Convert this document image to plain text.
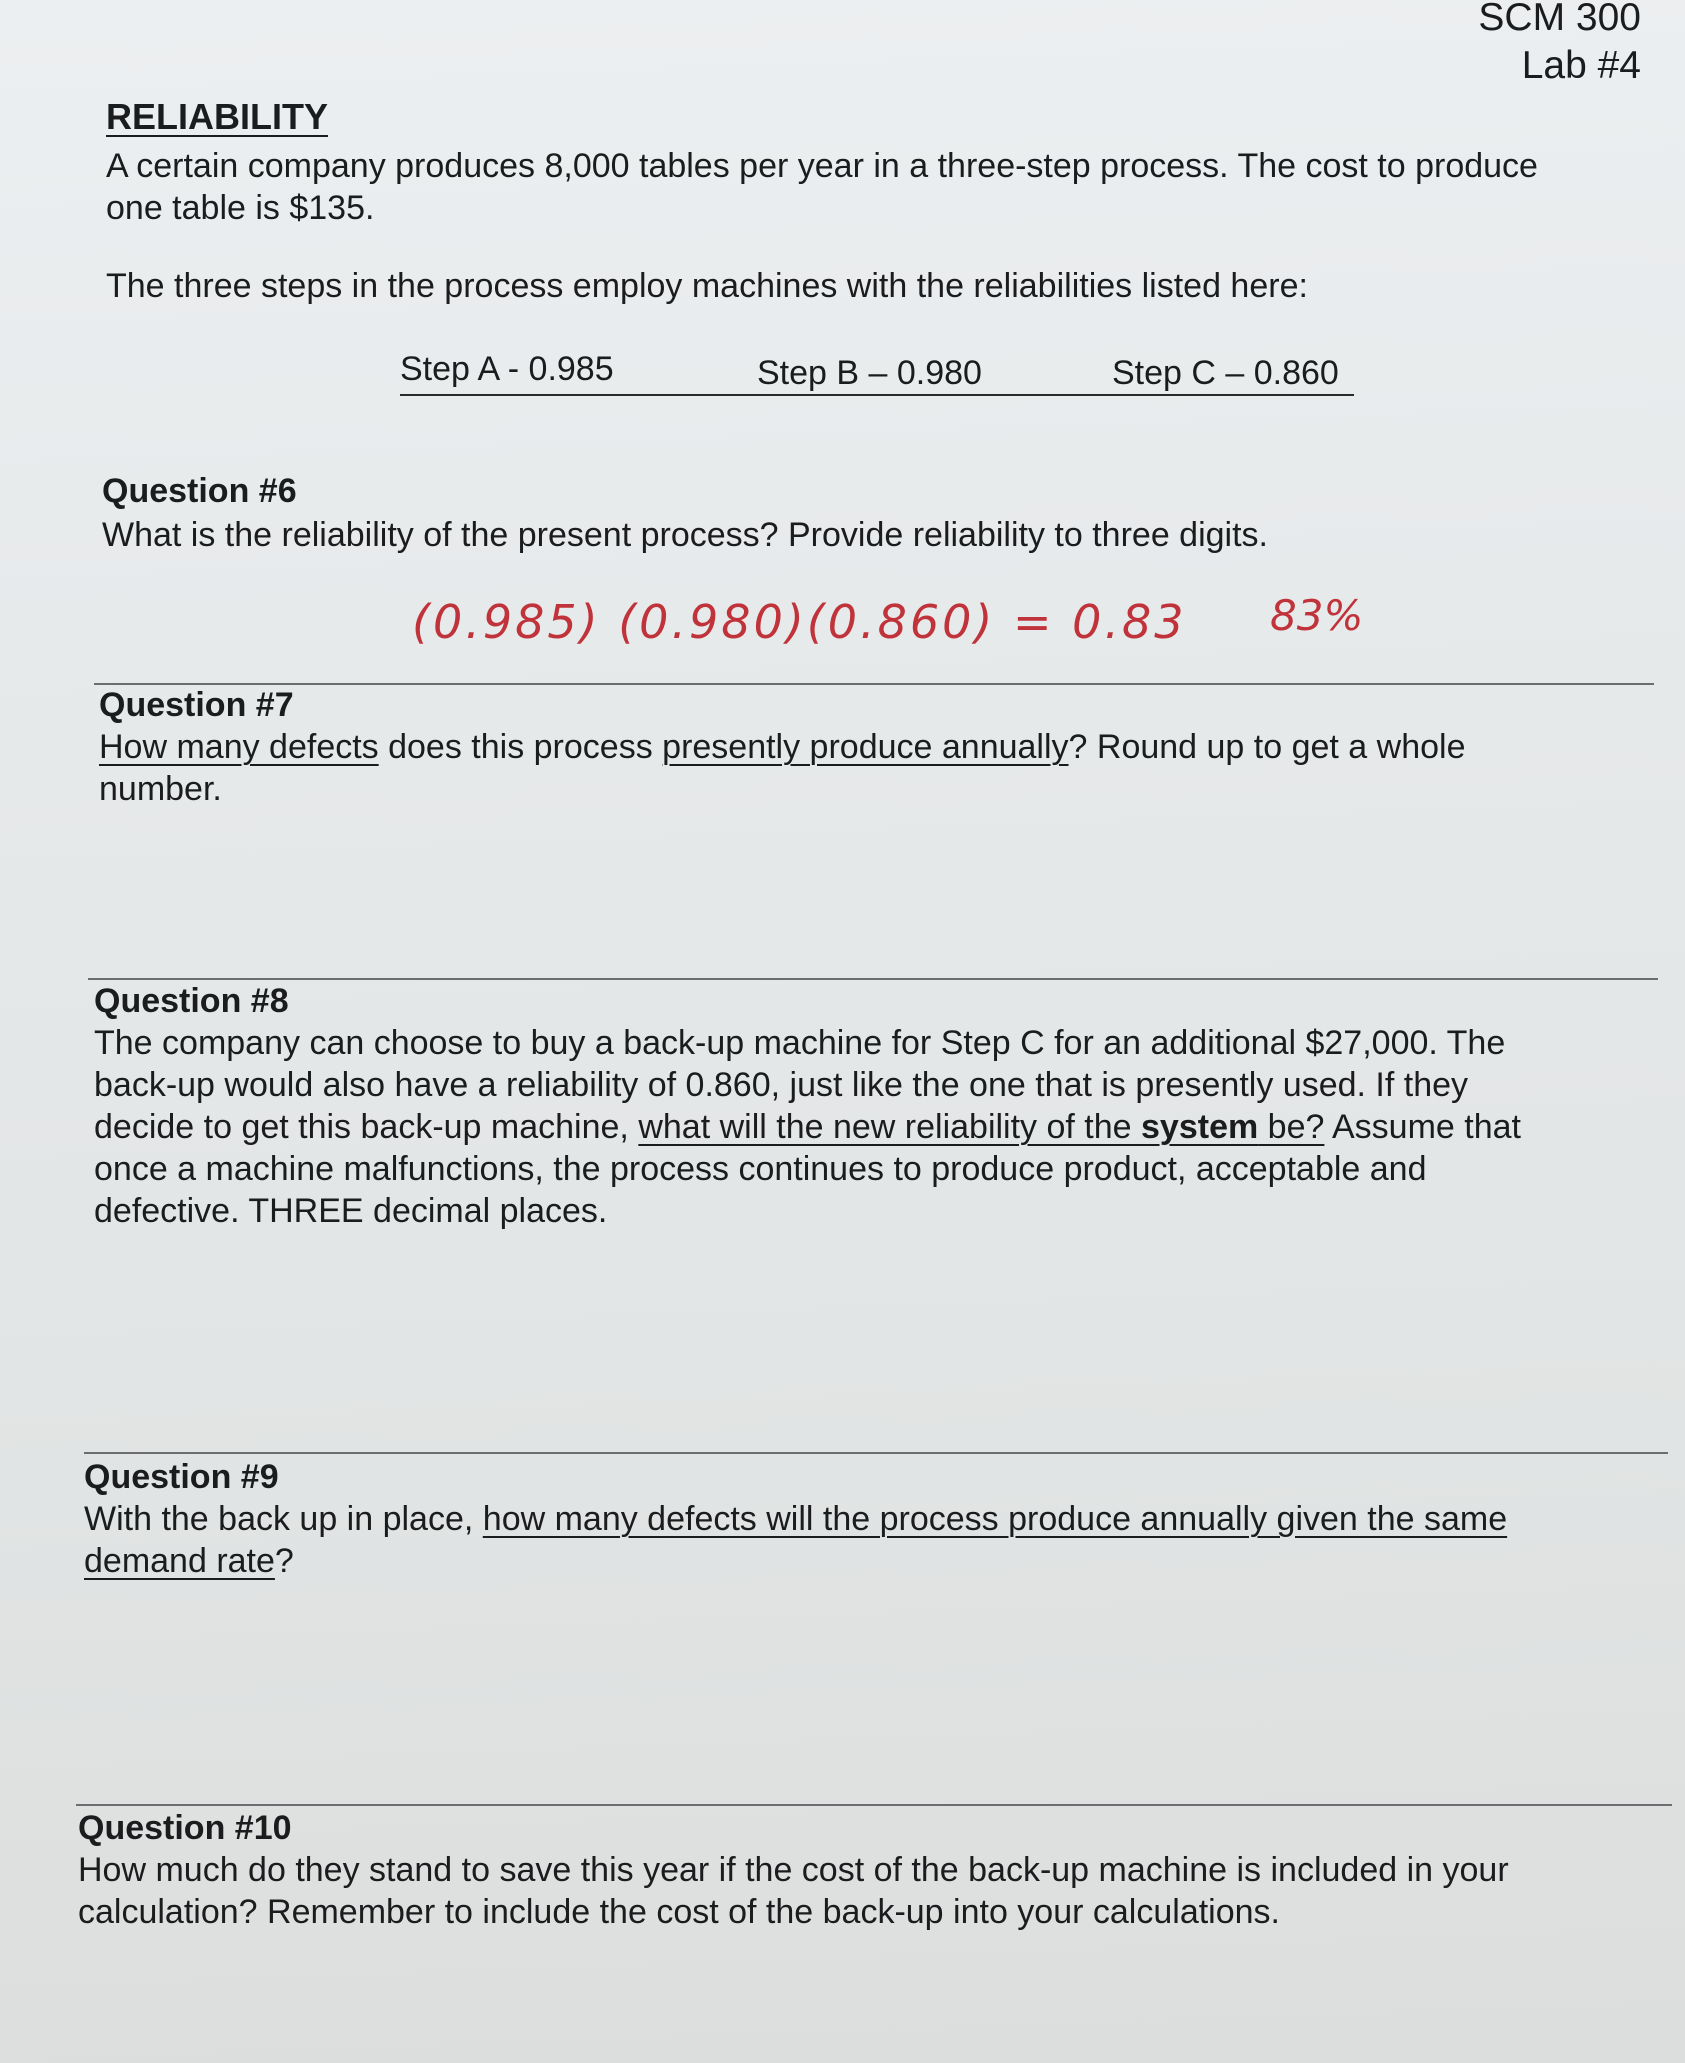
SCM 300
Lab #4
RELIABILITY
A certain company produces 8,000 tables per year in a three-step process. The cost to produce
one table is $135.
The three steps in the process employ machines with the reliabilities listed here:
Step A - 0.985	Step B – 0.980	Step C – 0.860
Question #6
What is the reliability of the present process? Provide reliability to three digits.
(0.985) (0.980)(0.860) = 0.83 83%
Question #7
How many defects does this process presently produce annually? Round up to get a whole
number.
Question #8
The company can choose to buy a back-up machine for Step C for an additional $27,000. The
back-up would also have a reliability of 0.860, just like the one that is presently used. If they
decide to get this back-up machine, what will the new reliability of the system be? Assume that
once a machine malfunctions, the process continues to produce product, acceptable and
defective. THREE decimal places.
Question #9
With the back up in place, how many defects will the process produce annually given the same
demand rate?
Question #10
How much do they stand to save this year if the cost of the back-up machine is included in your
calculation? Remember to include the cost of the back-up into your calculations.
